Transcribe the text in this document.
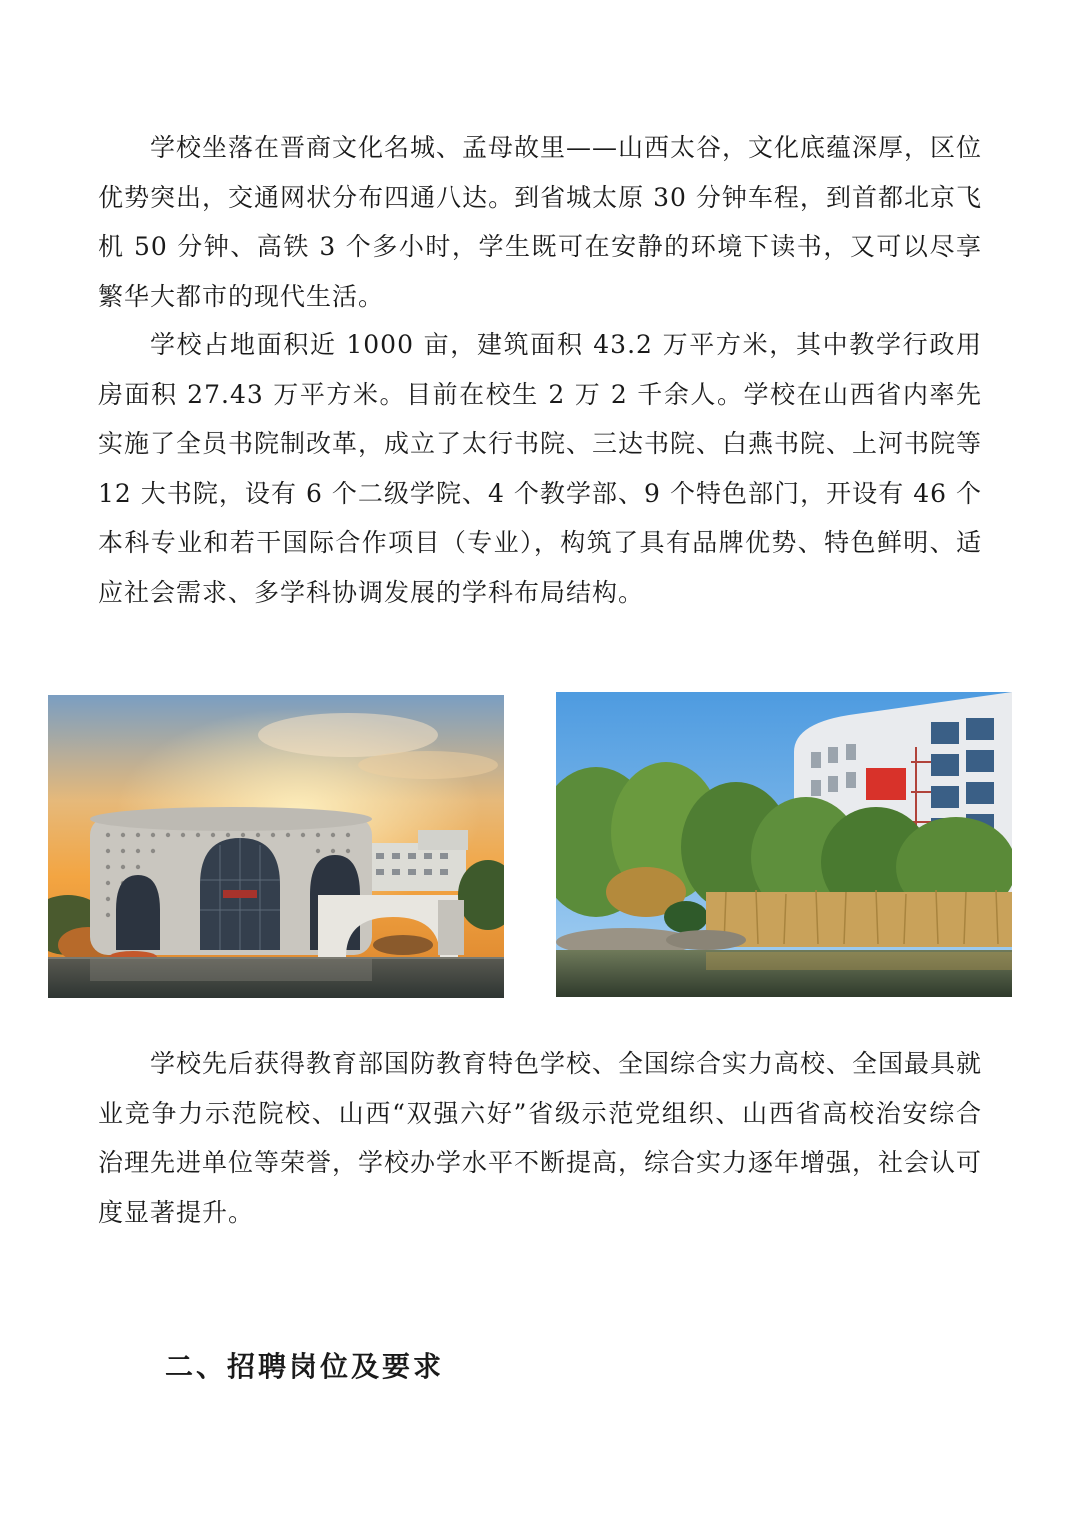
学校坐落在晋商文化名城、孟母故里——山西太谷，文化底蕴深厚，区位优势突出，交通网状分布四通八达。到省城太原 30 分钟车程，到首都北京飞机 50 分钟、高铁 3 个多小时，学生既可在安静的环境下读书，又可以尽享繁华大都市的现代生活。

学校占地面积近 1000 亩，建筑面积 43.2 万平方米，其中教学行政用房面积 27.43 万平方米。目前在校生 2 万 2 千余人。学校在山西省内率先实施了全员书院制改革，成立了太行书院、三达书院、白燕书院、上河书院等 12 大书院，设有 6 个二级学院、4 个教学部、9 个特色部门，开设有 46 个本科专业和若干国际合作项目（专业），构筑了具有品牌优势、特色鲜明、适应社会需求、多学科协调发展的学科布局结构。

学校先后获得教育部国防教育特色学校、全国综合实力高校、全国最具就业竞争力示范院校、山西“双强六好”省级示范党组织、山西省高校治安综合治理先进单位等荣誉，学校办学水平不断提高，综合实力逐年增强，社会认可度显著提升。

二、招聘岗位及要求
